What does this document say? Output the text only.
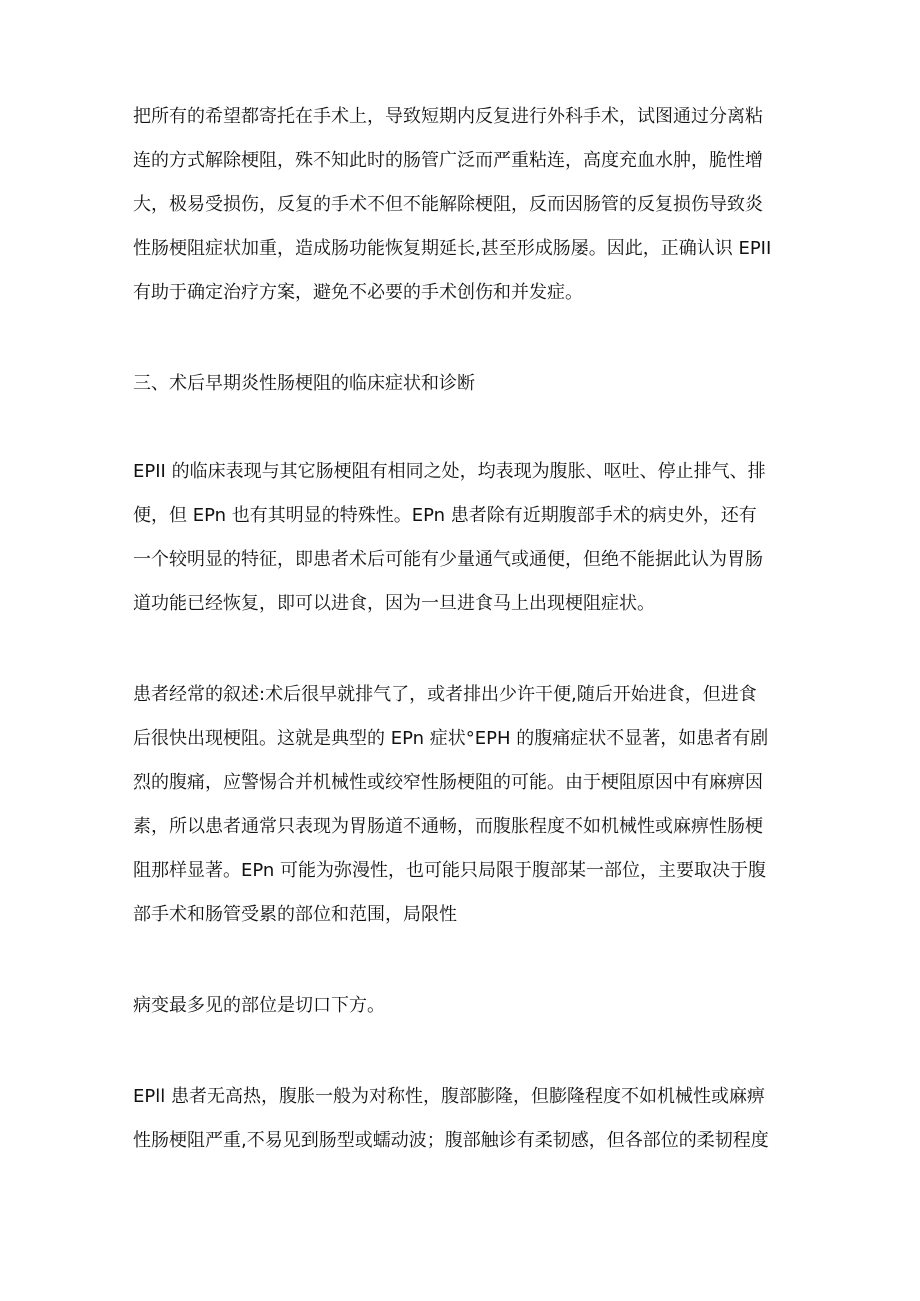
把所有的希望都寄托在手术上，导致短期内反复进行外科手术，试图通过分离粘
连的方式解除梗阻，殊不知此时的肠管广泛而严重粘连，高度充血水肿，脆性增
大，极易受损伤，反复的手术不但不能解除梗阻，反而因肠管的反复损伤导致炎
性肠梗阻症状加重，造成肠功能恢复期延长,甚至形成肠屡。因此，正确认识 EPII
有助于确定治疗方案，避免不必要的手术创伤和并发症。
三、术后早期炎性肠梗阻的临床症状和诊断
EPII 的临床表现与其它肠梗阻有相同之处，均表现为腹胀、呕吐、停止排气、排
便，但 EPn 也有其明显的特殊性。EPn 患者除有近期腹部手术的病史外，还有
一个较明显的特征，即患者术后可能有少量通气或通便，但绝不能据此认为胃肠
道功能已经恢复，即可以进食，因为一旦进食马上出现梗阻症状。
患者经常的叙述:术后很早就排气了，或者排出少许干便,随后开始进食，但进食
后很快出现梗阻。这就是典型的 EPn 症状°EPH 的腹痛症状不显著，如患者有剧
烈的腹痛，应警惕合并机械性或绞窄性肠梗阻的可能。由于梗阻原因中有麻痹因
素，所以患者通常只表现为胃肠道不通畅，而腹胀程度不如机械性或麻痹性肠梗
阻那样显著。EPn 可能为弥漫性，也可能只局限于腹部某一部位，主要取决于腹
部手术和肠管受累的部位和范围，局限性
病变最多见的部位是切口下方。
EPll 患者无高热，腹胀一般为对称性，腹部膨隆，但膨隆程度不如机械性或麻痹
性肠梗阻严重,不易见到肠型或蠕动波；腹部触诊有柔韧感，但各部位的柔韧程度
